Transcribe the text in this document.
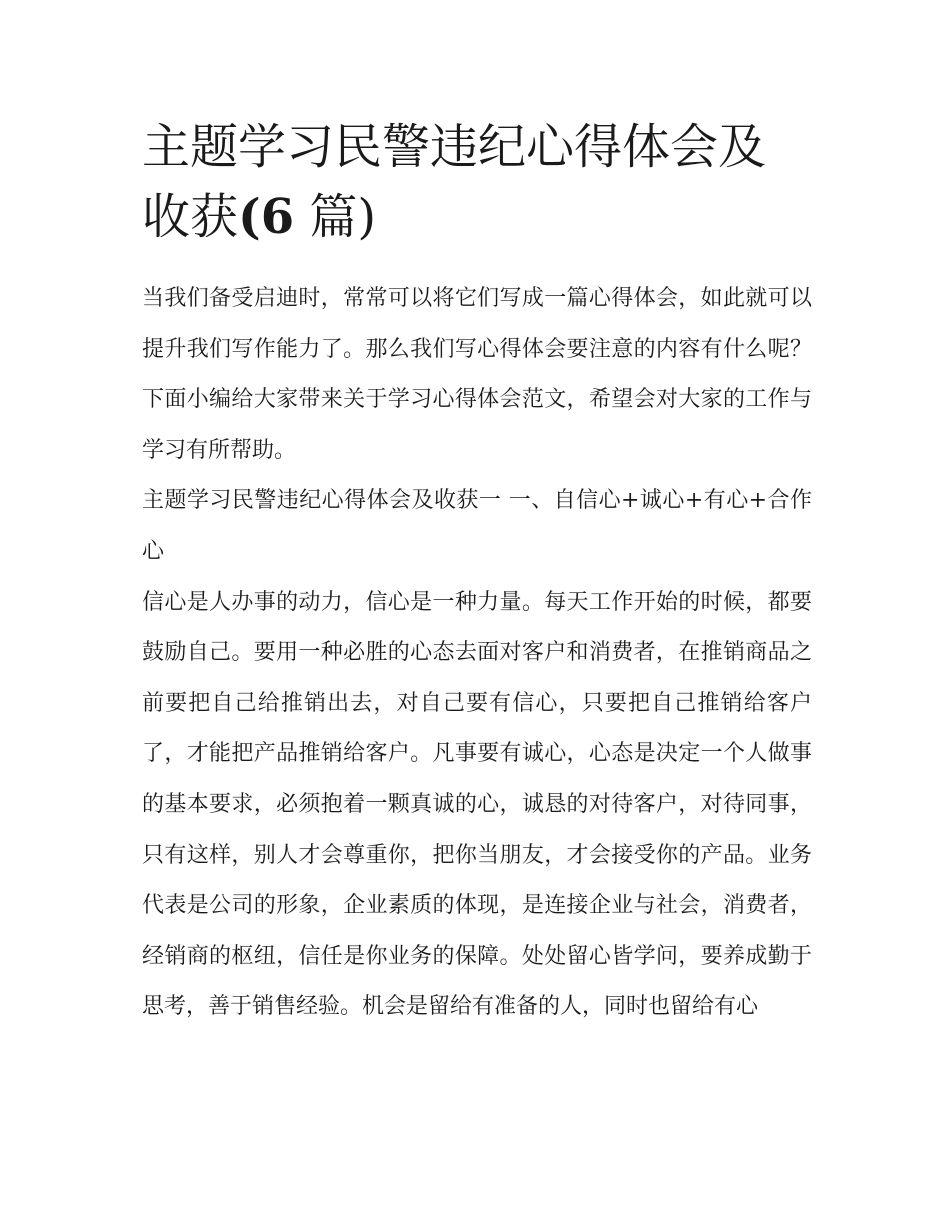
主题学习民警违纪心得体会及
收获(6 篇)

当我们备受启迪时，常常可以将它们写成一篇心得体会，如此就可以提升我们写作能力了。那么我们写心得体会要注意的内容有什么呢？下面小编给大家带来关于学习心得体会范文，希望会对大家的工作与学习有所帮助。

主题学习民警违纪心得体会及收获一 一、自信心+诚心+有心+合作心

信心是人办事的动力，信心是一种力量。每天工作开始的时候，都要鼓励自己。要用一种必胜的心态去面对客户和消费者，在推销商品之前要把自己给推销出去，对自己要有信心，只要把自己推销给客户了，才能把产品推销给客户。凡事要有诚心，心态是决定一个人做事的基本要求，必须抱着一颗真诚的心，诚恳的对待客户，对待同事，只有这样，别人才会尊重你，把你当朋友，才会接受你的产品。业务代表是公司的形象，企业素质的体现，是连接企业与社会，消费者，经销商的枢纽，信任是你业务的保障。处处留心皆学问，要养成勤于思考，善于销售经验。机会是留给有准备的人，同时也留给有心
